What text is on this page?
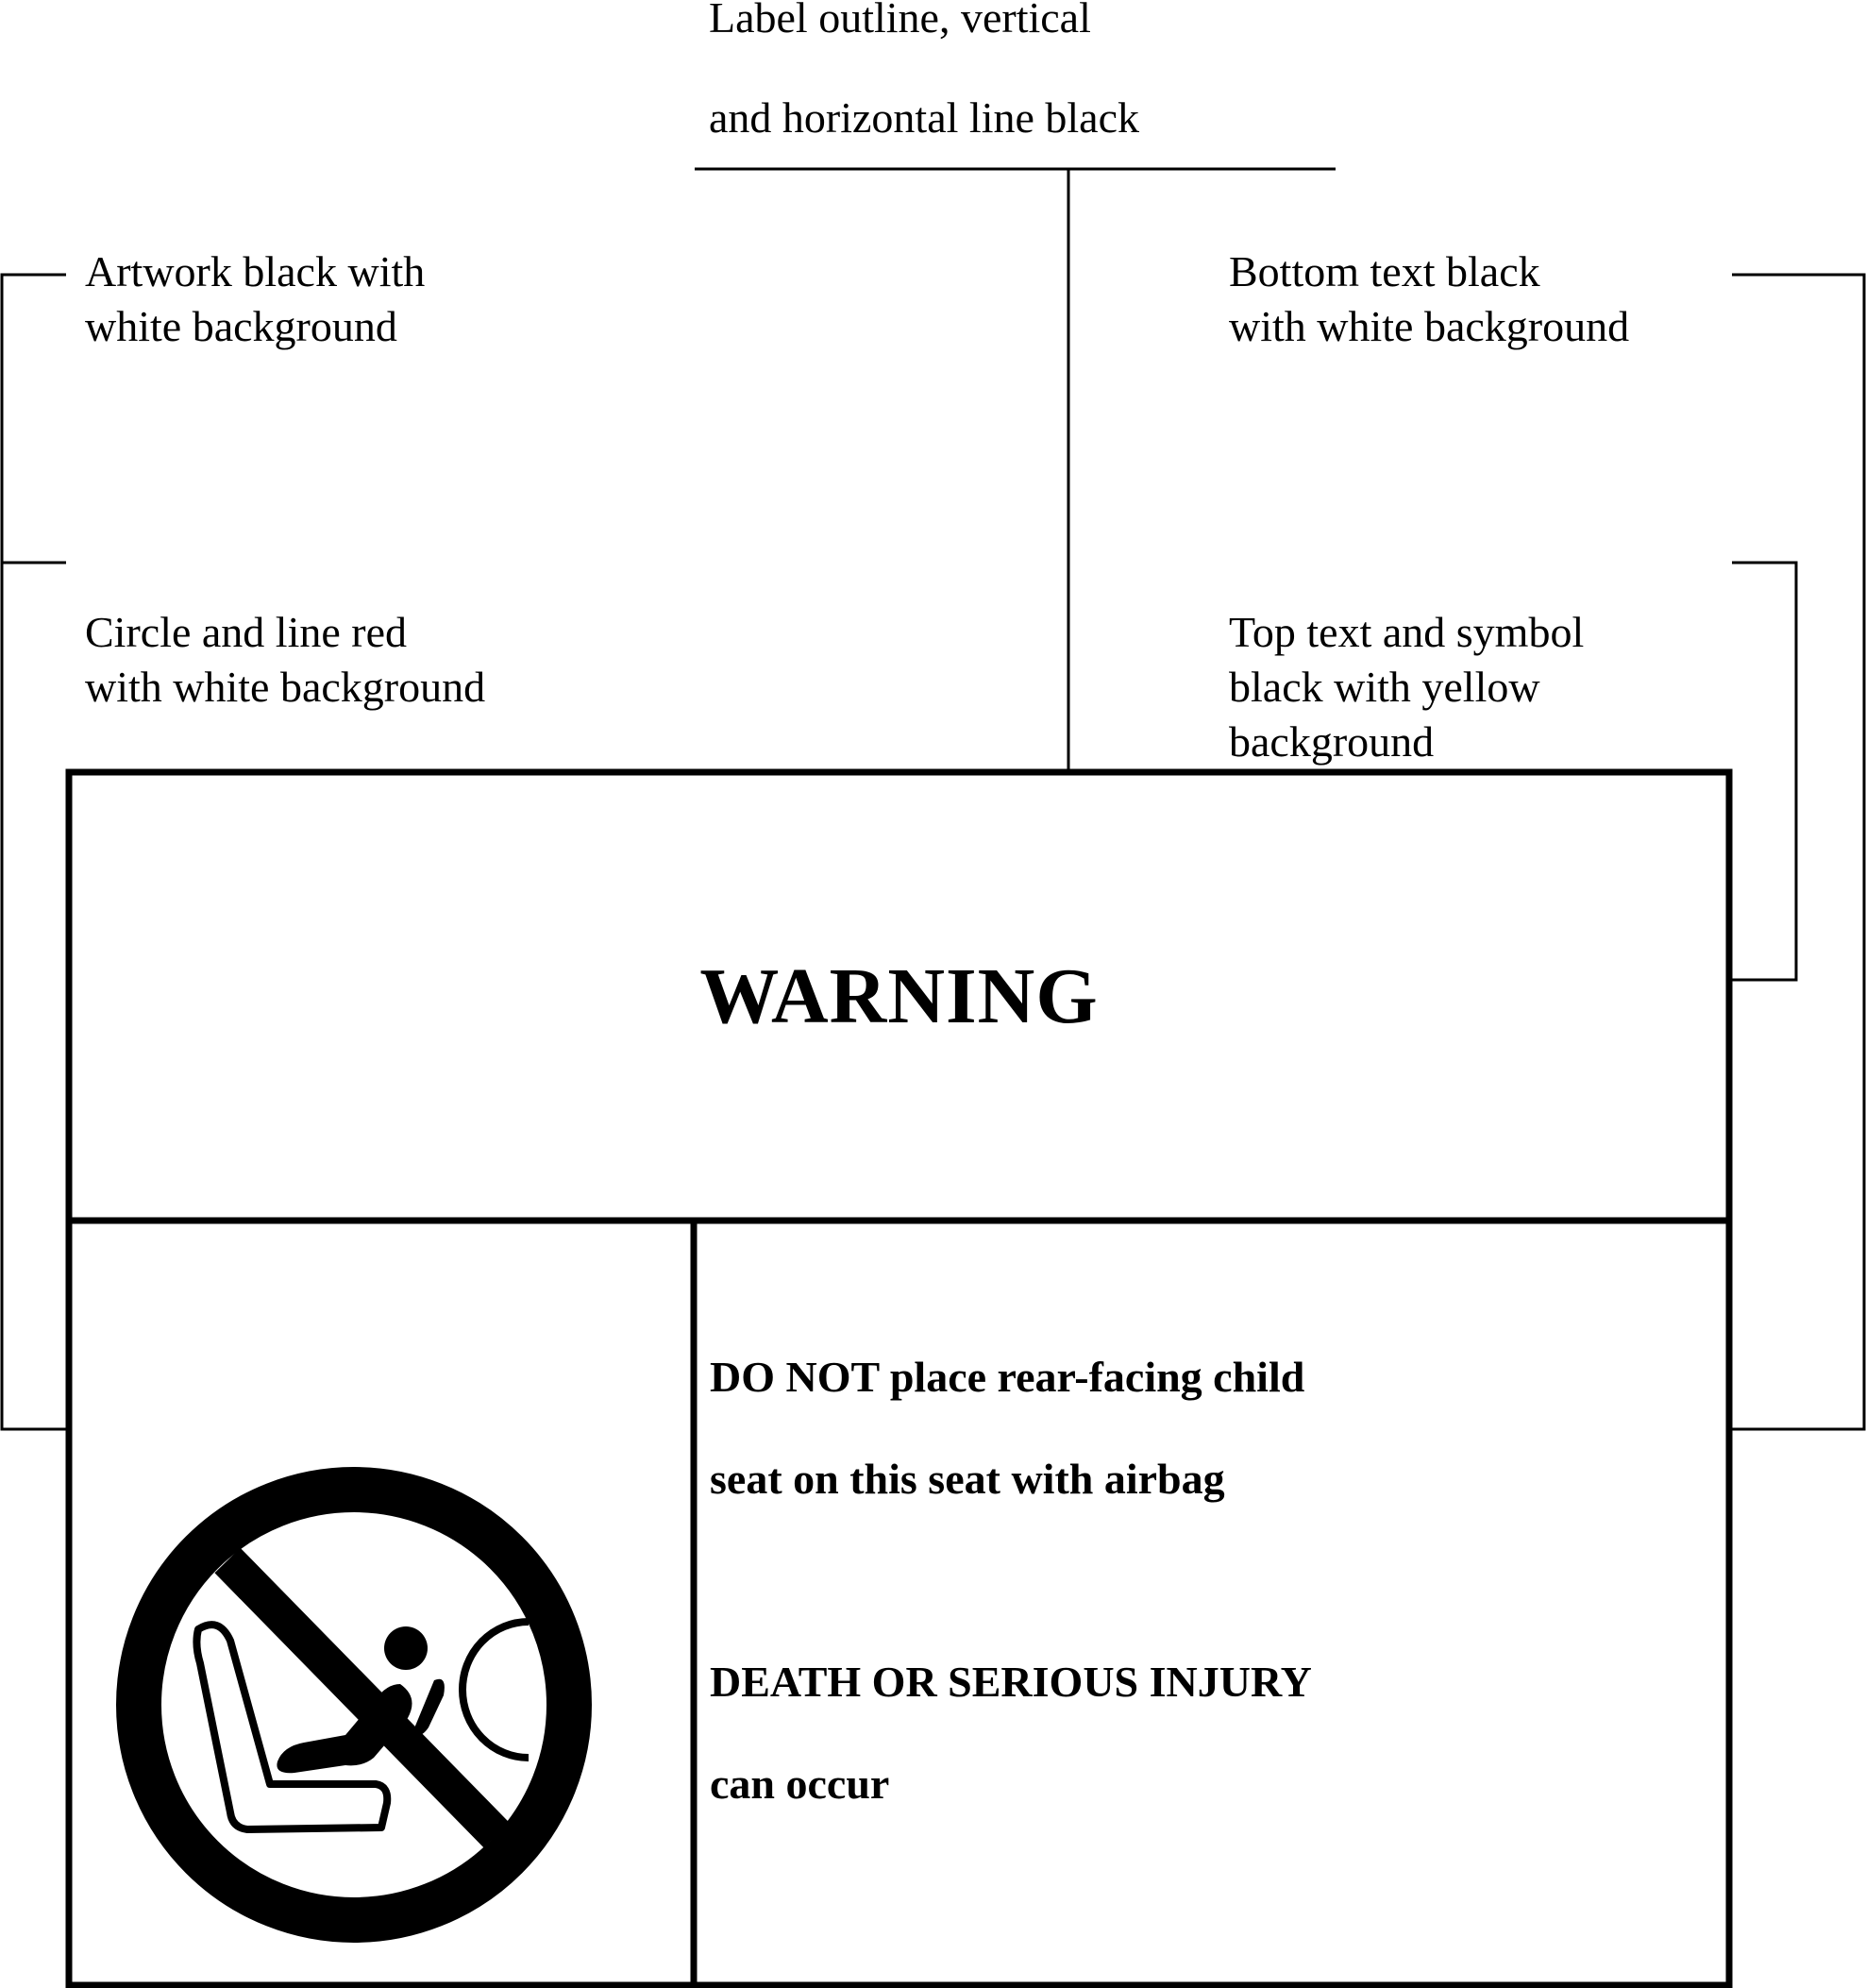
Label outline, vertical
and horizontal line black
Artwork black with
white background
Circle and line red
with white background
Bottom text black
with white background
Top text and symbol
black with yellow
background
WARNING
DO NOT place rear-facing child
seat on this seat with airbag
DEATH OR SERIOUS INJURY
can occur
